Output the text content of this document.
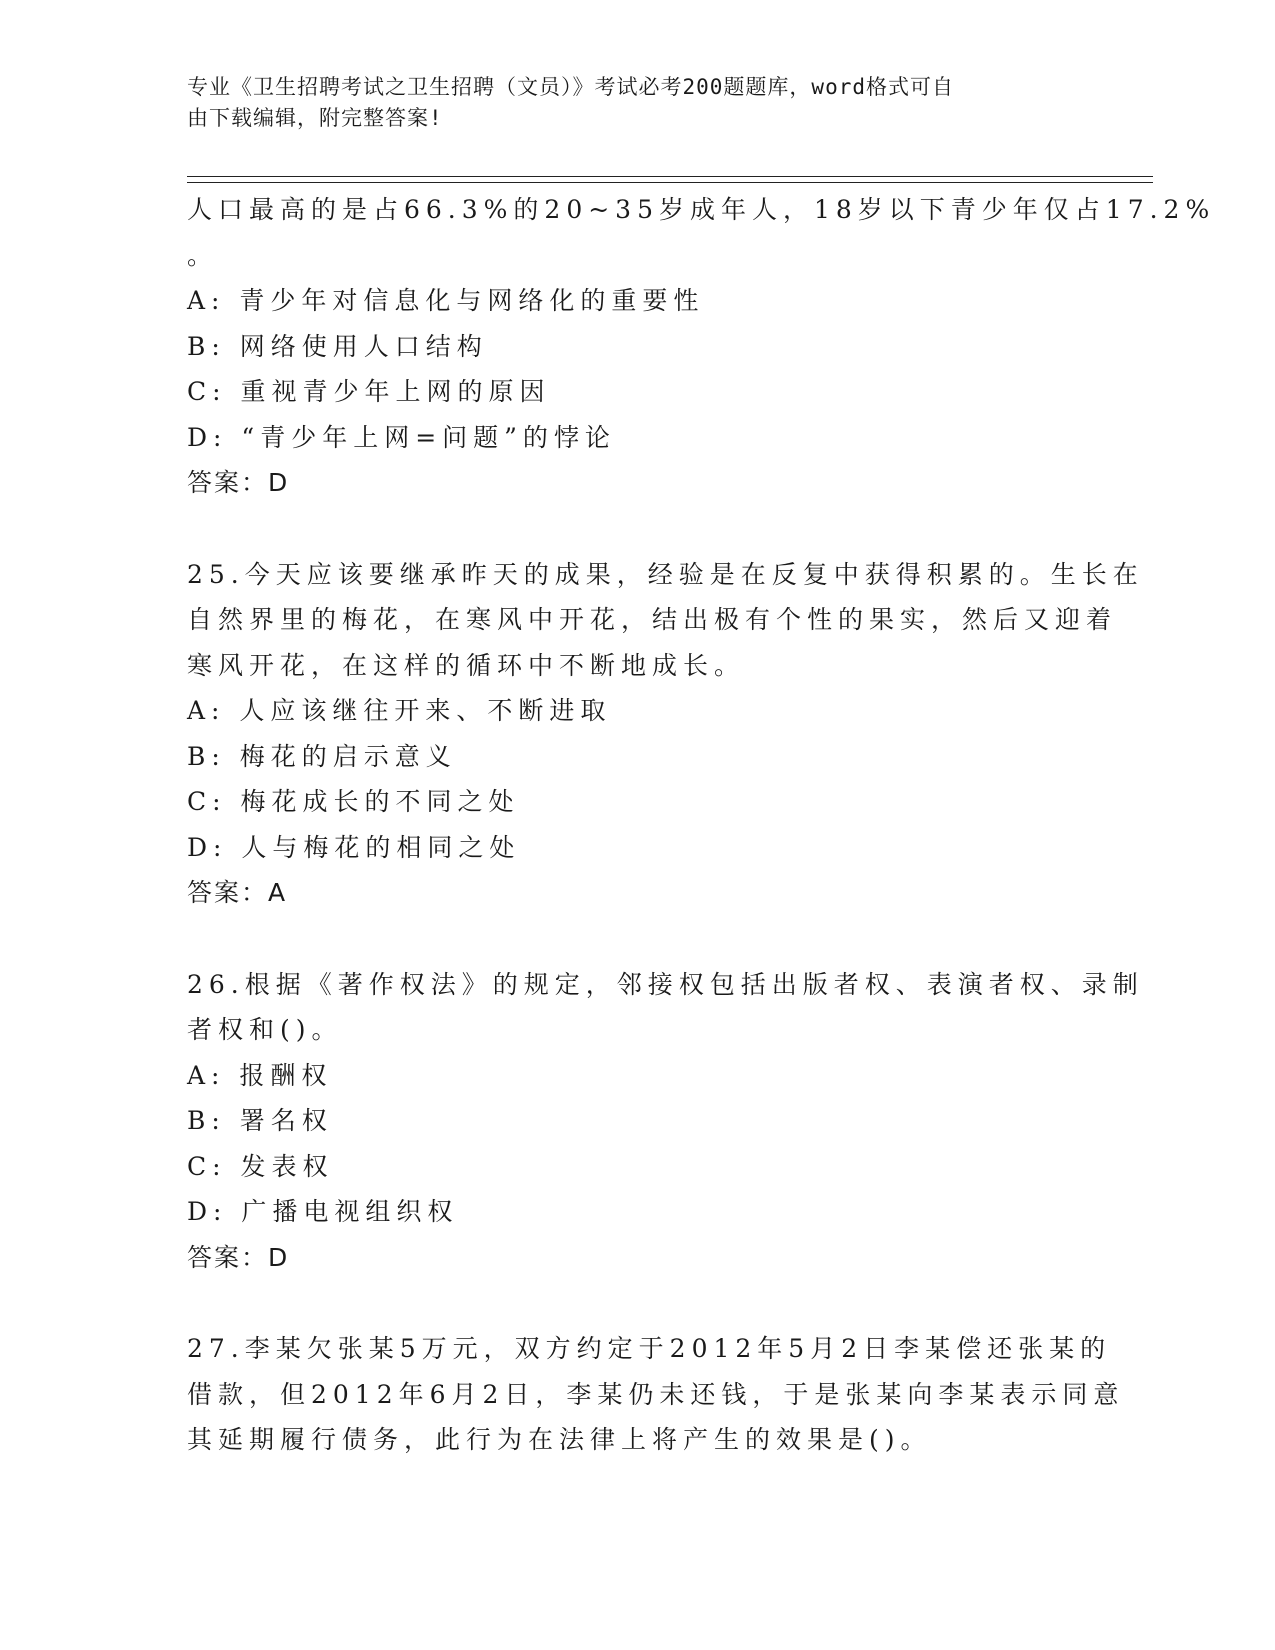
专业《卫生招聘考试之卫生招聘（文员）》考试必考200题题库，word格式可自
由下载编辑，附完整答案!
人口最高的是占66.3%的20~35岁成年人，18岁以下青少年仅占17.2%
。
A: 青少年对信息化与网络化的重要性
B: 网络使用人口结构
C: 重视青少年上网的原因
D: “青少年上网=问题”的悖论
答案：D
25.今天应该要继承昨天的成果，经验是在反复中获得积累的。生长在
自然界里的梅花，在寒风中开花，结出极有个性的果实，然后又迎着
寒风开花，在这样的循环中不断地成长。
A: 人应该继往开来、不断进取
B: 梅花的启示意义
C: 梅花成长的不同之处
D: 人与梅花的相同之处
答案：A
26.根据《著作权法》的规定，邻接权包括出版者权、表演者权、录制
者权和()。
A: 报酬权
B: 署名权
C: 发表权
D: 广播电视组织权
答案：D
27.李某欠张某5万元，双方约定于2012年5月2日李某偿还张某的
借款，但2012年6月2日，李某仍未还钱，于是张某向李某表示同意
其延期履行债务，此行为在法律上将产生的效果是()。
